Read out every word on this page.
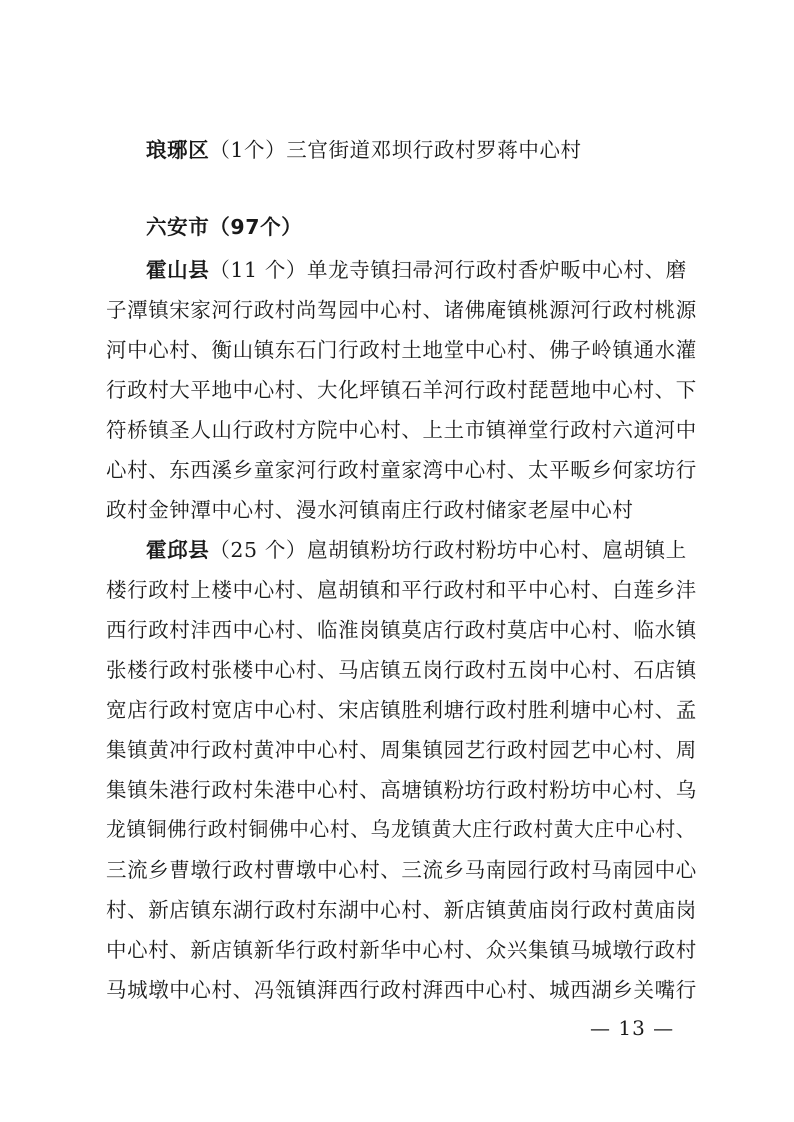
琅琊区（1个）三官街道邓坝行政村罗蒋中心村
六安市（97个）
霍山县（11 个）单龙寺镇扫帚河行政村香炉畈中心村、磨
子潭镇宋家河行政村尚驾园中心村、诸佛庵镇桃源河行政村桃源
河中心村、衡山镇东石门行政村土地堂中心村、佛子岭镇通水灌
行政村大平地中心村、大化坪镇石羊河行政村琵琶地中心村、下
符桥镇圣人山行政村方院中心村、上土市镇禅堂行政村六道河中
心村、东西溪乡童家河行政村童家湾中心村、太平畈乡何家坊行
政村金钟潭中心村、漫水河镇南庄行政村储家老屋中心村
霍邱县（25 个）扈胡镇粉坊行政村粉坊中心村、扈胡镇上
楼行政村上楼中心村、扈胡镇和平行政村和平中心村、白莲乡沣
西行政村沣西中心村、临淮岗镇莫店行政村莫店中心村、临水镇
张楼行政村张楼中心村、马店镇五岗行政村五岗中心村、石店镇
宽店行政村宽店中心村、宋店镇胜利塘行政村胜利塘中心村、孟
集镇黄冲行政村黄冲中心村、周集镇园艺行政村园艺中心村、周
集镇朱港行政村朱港中心村、高塘镇粉坊行政村粉坊中心村、乌
龙镇铜佛行政村铜佛中心村、乌龙镇黄大庄行政村黄大庄中心村、
三流乡曹墩行政村曹墩中心村、三流乡马南园行政村马南园中心
村、新店镇东湖行政村东湖中心村、新店镇黄庙岗行政村黄庙岗
中心村、新店镇新华行政村新华中心村、众兴集镇马城墩行政村
马城墩中心村、冯瓴镇湃西行政村湃西中心村、城西湖乡关嘴行
— 13 —
